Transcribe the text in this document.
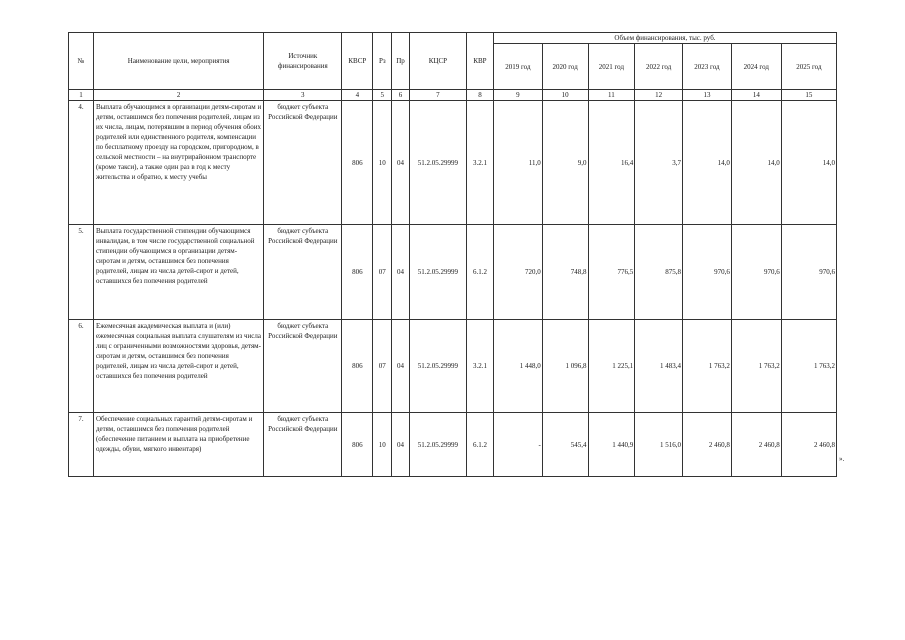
№	Наименование цели, мероприятия	Источник финансирования	КВСР	Рз	Пр	КЦСР	КВР	Объем финансирования, тыс. руб.						
								2019 год	2020 год	2021 год	2022 год	2023 год	2024 год	2025 год
1	2	3	4	5	6	7	8	9	10	11	12	13	14	15
4.	Выплата обучающимся в организации детям-сиротам и детям, оставшимся без попечения родителей, лицам из их числа, лицам, потерявшим в период обучения обоих родителей или единственного родителя, компенсации по бесплатному проезду на городском, пригородном, в сельской местности – на внутрирайонном транспорте (кроме такси), а также один раз в год к месту жительства и обратно, к месту учебы	бюджет субъекта Российской Федерации	806	10	04	51.2.05.29999	3.2.1	11,0	9,0	16,4	3,7	14,0	14,0	14,0
5.	Выплата государственной стипендии обучающимся инвалидам, в том числе государственной социальной стипендии обучающимся в организации детям-сиротам и детям, оставшимся без попечения родителей, лицам из числа детей-сирот и детей, оставшихся без попечения родителей	бюджет субъекта Российской Федерации	806	07	04	51.2.05.29999	6.1.2	720,0	748,8	776,5	875,8	970,6	970,6	970,6
6.	Ежемесячная академическая выплата и (или) ежемесячная социальная выплата слушателям из числа лиц с ограниченными возможностями здоровья, детям-сиротам и детям, оставшимся без попечения родителей, лицам из числа детей-сирот и детей, оставшихся без попечения родителей	бюджет субъекта Российской Федерации	806	07	04	51.2.05.29999	3.2.1	1 448,0	1 096,8	1 225,1	1 483,4	1 763,2	1 763,2	1 763,2
7.	Обеспечение социальных гарантий детям-сиротам и детям, оставшимся без попечения родителей (обеспечение питанием и выплата на приобретение одежды, обуви, мягкого инвентаря)	бюджет субъекта Российской Федерации	806	10	04	51.2.05.29999	6.1.2	-	545,4	1 440,9	1 516,0	2 460,8	2 460,8	2 460,8
».
